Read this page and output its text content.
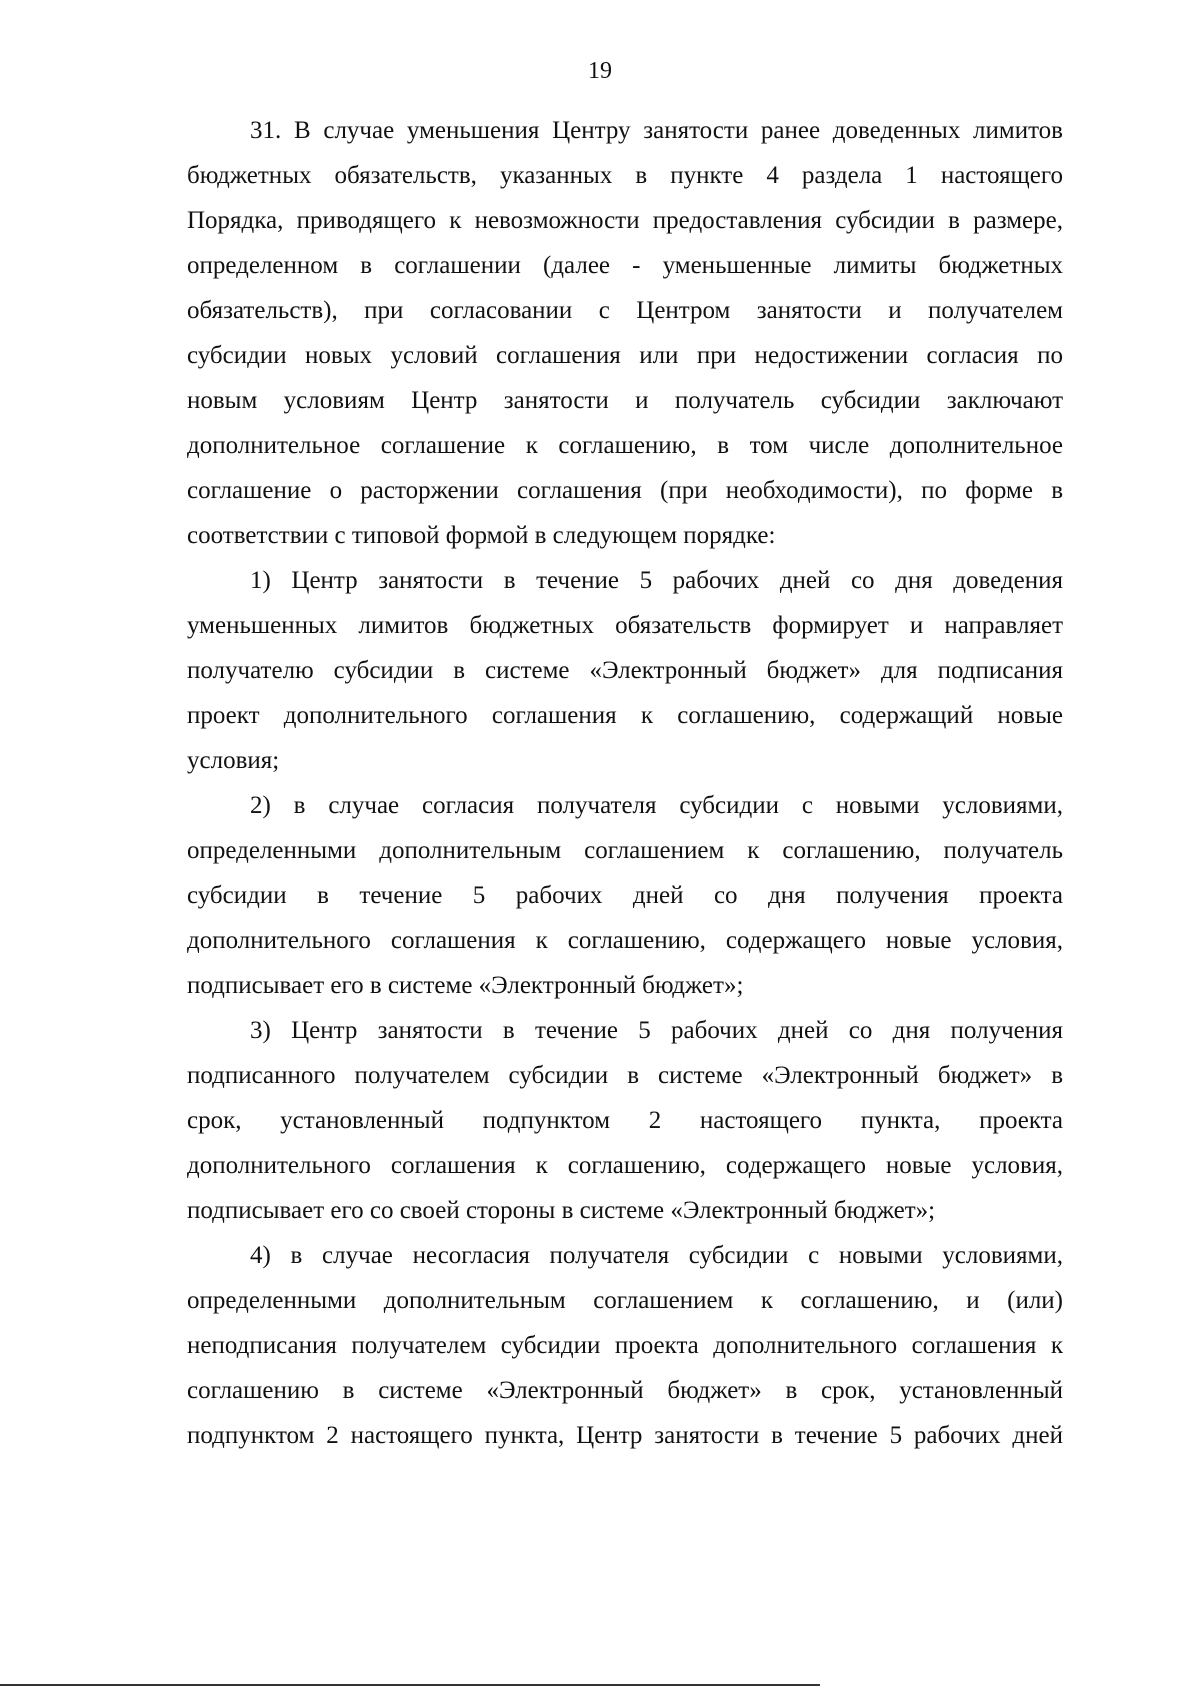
19
31. В случае уменьшения Центру занятости ранее доведенных лимитов
бюджетных обязательств, указанных в пункте 4 раздела 1 настоящего
Порядка, приводящего к невозможности предоставления субсидии в размере,
определенном в соглашении (далее - уменьшенные лимиты бюджетных
обязательств), при согласовании с Центром занятости и получателем
субсидии новых условий соглашения или при недостижении согласия по
новым условиям Центр занятости и получатель субсидии заключают
дополнительное соглашение к соглашению, в том числе дополнительное
соглашение о расторжении соглашения (при необходимости), по форме в
соответствии с типовой формой в следующем порядке:
1) Центр занятости в течение 5 рабочих дней со дня доведения
уменьшенных лимитов бюджетных обязательств формирует и направляет
получателю субсидии в системе «Электронный бюджет» для подписания
проект дополнительного соглашения к соглашению, содержащий новые
условия;
2) в случае согласия получателя субсидии с новыми условиями,
определенными дополнительным соглашением к соглашению, получатель
субсидии в течение 5 рабочих дней со дня получения проекта
дополнительного соглашения к соглашению, содержащего новые условия,
подписывает его в системе «Электронный бюджет»;
3) Центр занятости в течение 5 рабочих дней со дня получения
подписанного получателем субсидии в системе «Электронный бюджет» в
срок, установленный подпунктом 2 настоящего пункта, проекта
дополнительного соглашения к соглашению, содержащего новые условия,
подписывает его со своей стороны в системе «Электронный бюджет»;
4) в случае несогласия получателя субсидии с новыми условиями,
определенными дополнительным соглашением к соглашению, и (или)
неподписания получателем субсидии проекта дополнительного соглашения к
соглашению в системе «Электронный бюджет» в срок, установленный
подпунктом 2 настоящего пункта, Центр занятости в течение 5 рабочих дней
